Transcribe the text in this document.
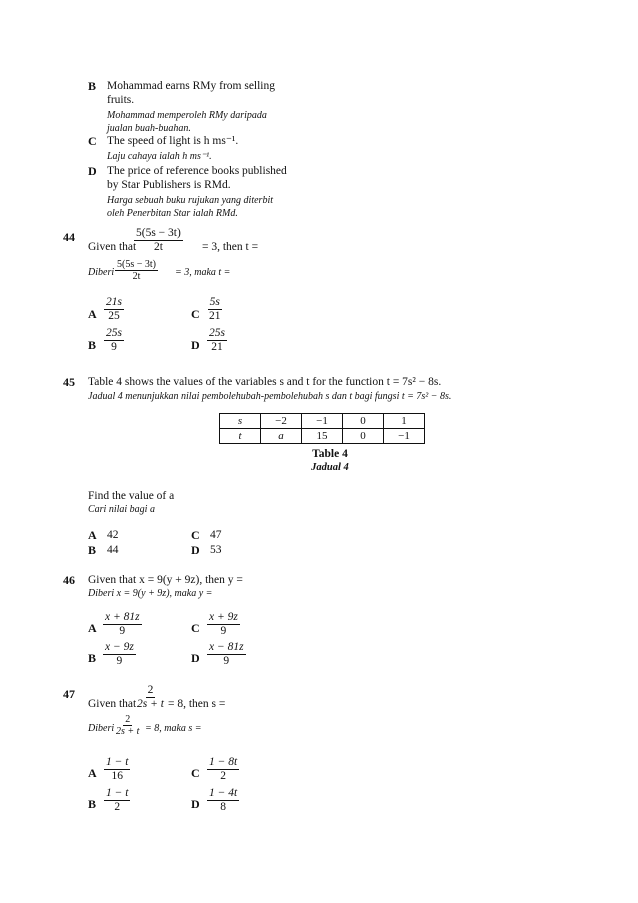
B Mohammad earns RMy from selling
fruits.
Mohammad memperoleh RMy daripada
jualan buah-buahan.
C The speed of light is h ms⁻¹.
Laju cahaya ialah h ms⁻¹.
D The price of reference books published
by Star Publishers is RMd.
Harga sebuah buku rujukan yang diterbit
oleh Penerbitan Star ialah RMd.
44
Given that
$\frac{5(5s - 3t)}{2t} = 3$, then t =
Diberi $\frac{5(5s - 3t)}{2t} = 3$, maka t =
A $\frac{21s}{25}$	C $\frac{5s}{21}$
B $\frac{25s}{9}$	D $\frac{25s}{21}$
45 Table 4 shows the values of the variables s and t for the function t = 7s² − 8s.
Jadual 4 menunjukkan nilai pembolehubah-pembolehubah s dan t bagi fungsi t = 7s² − 8s.
s	−2	−1	0	1
t	a	15	0	−1
Table 4
Jadual 4
Find the value of a
Cari nilai bagi a
A 42	C 47
B 44	D 53
46 Given that x = 9(y + 9z), then y =
Diberi x = 9(y + 9z), maka y =
A $\frac{x + 81z}{9}$	C $\frac{x + 9z}{9}$
B $\frac{x - 9z}{9}$	D $\frac{x - 81z}{9}$
47
Given that
$\frac{2}{2s + t} = 8$, then s =
Diberi $\frac{2}{2s + t} = 8$, maka s =
A $\frac{1 - t}{16}$	C $\frac{1 - 8t}{2}$
B $\frac{1 - t}{2}$	D $\frac{1 - 4t}{8}$
